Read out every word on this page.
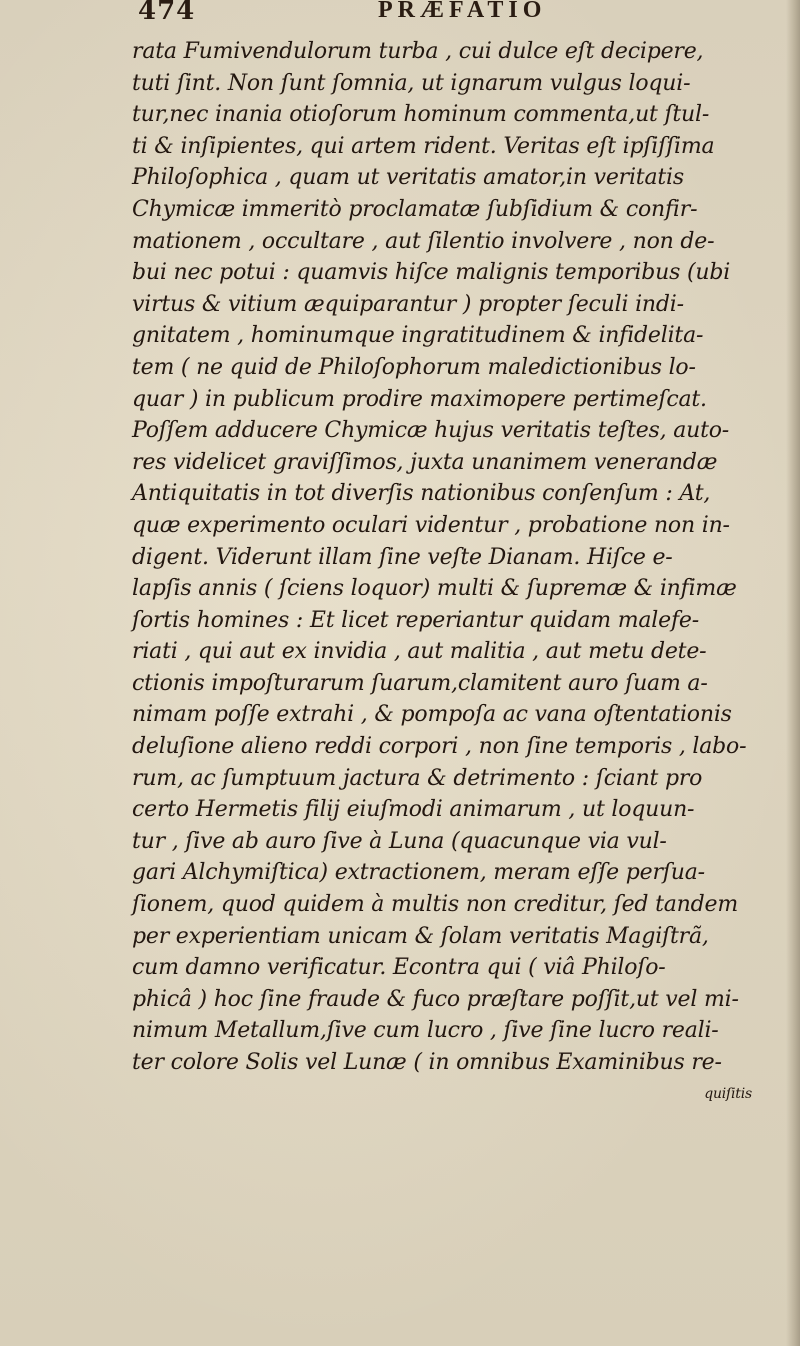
474	PRÆFATIO
rata Fumivendulorum turba , cui dulce eſt decipere,
tuti ſint. Non ſunt ſomnia, ut ignarum vulgus loqui-
tur,nec inania otioſorum hominum commenta,ut ſtul-
ti & inſipientes, qui artem rident. Veritas eſt ipſiſſima
Philoſophica , quam ut veritatis amator,in veritatis
Chymicæ immeritò proclamatæ ſubſidium & confir-
mationem , occultare , aut ſilentio involvere , non de-
bui nec potui : quamvis hiſce malignis temporibus (ubi
virtus & vitium æquiparantur ) propter ſeculi indi-
gnitatem , hominumque ingratitudinem & infidelita-
tem ( ne quid de Philoſophorum maledictionibus lo-
quar ) in publicum prodire maximopere pertimeſcat.
Poſſem adducere Chymicæ hujus veritatis teſtes, auto-
res videlicet graviſſimos, juxta unanimem venerandæ
Antiquitatis in tot diverſis nationibus conſenſum : At,
quæ experimento oculari videntur , probatione non in-
digent. Viderunt illam ſine veſte Dianam. Hiſce e-
lapſis annis ( ſciens loquor) multi & ſupremæ & infimæ
ſortis homines : Et licet reperiantur quidam malefe-
riati , qui aut ex invidia , aut malitia , aut metu dete-
ctionis impoſturarum ſuarum,clamitent auro ſuam a-
nimam poſſe extrahi , & pompoſa ac vana oſtentationis
deluſione alieno reddi corpori , non ſine temporis , labo-
rum, ac ſumptuum jactura & detrimento : ſciant pro
certo Hermetis filij eiuſmodi animarum , ut loquun-
tur , ſive ab auro ſive à Luna (quacunque via vul-
gari Alchymiſtica) extractionem, meram eſſe perſua-
ſionem, quod quidem à multis non creditur, ſed tandem
per experientiam unicam & ſolam veritatis Magiſtrã,
cum damno verificatur. Econtra qui ( viâ Philoſo-
phicâ ) hoc ſine fraude & fuco præſtare poſſit,ut vel mi-
nimum Metallum,ſive cum lucro , ſive ſine lucro reali-
ter colore Solis vel Lunæ ( in omnibus Examinibus re-
quiſitis
